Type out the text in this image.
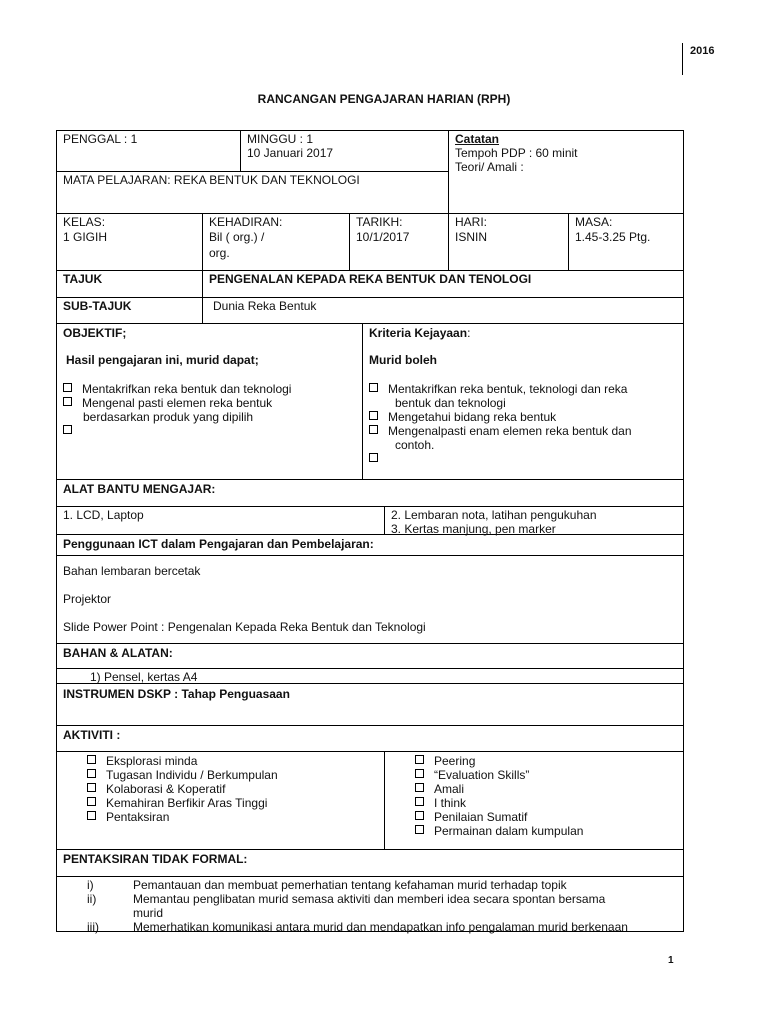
2016
RANCANGAN PENGAJARAN HARIAN (RPH)
PENGGAL : 1	MINGGU : 1
10 Januari 2017
Catatan
Tempoh PDP : 60 minit
Teori/ Amali :
MATA PELAJARAN: REKA BENTUK DAN TEKNOLOGI
KELAS:
1 GIGIH
KEHADIRAN:
Bil ( org.) /
org.
TARIKH:
10/1/2017
HARI:
ISNIN
MASA:
1.45-3.25 Ptg.
TAJUK	PENGENALAN KEPADA REKA BENTUK DAN TENOLOGI
SUB-TAJUK	Dunia Reka Bentuk
OBJEKTIF;
Hasil pengajaran ini, murid dapat;
Mentakrifkan reka bentuk dan teknologi
Mengenal pasti elemen reka bentuk
berdasarkan produk yang dipilih
Kriteria Kejayaan:
Murid boleh
Mentakrifkan reka bentuk, teknologi dan reka
bentuk dan teknologi
Mengetahui bidang reka bentuk
Mengenalpasti enam elemen reka bentuk dan
contoh.
ALAT BANTU MENGAJAR:
1. LCD, Laptop	2. Lembaran nota, latihan pengukuhan
3. Kertas manjung, pen marker
Penggunaan ICT dalam Pengajaran dan Pembelajaran:
Bahan lembaran bercetak
Projektor
Slide Power Point : Pengenalan Kepada Reka Bentuk dan Teknologi
BAHAN & ALATAN:
1) Pensel, kertas A4
INSTRUMEN DSKP : Tahap Penguasaan
AKTIVITI :
Eksplorasi minda
Tugasan Individu / Berkumpulan
Kolaborasi & Koperatif
Kemahiran Berfikir Aras Tinggi
Pentaksiran
Peering
“Evaluation Skills”
Amali
I think
Penilaian Sumatif
Permainan dalam kumpulan
PENTAKSIRAN TIDAK FORMAL:
i)	Pemantauan dan membuat pemerhatian tentang kefahaman murid terhadap topik
ii)	Memantau penglibatan murid semasa aktiviti dan memberi idea secara spontan bersama
murid
iii)	Memerhatikan komunikasi antara murid dan mendapatkan info pengalaman murid berkenaan
1
